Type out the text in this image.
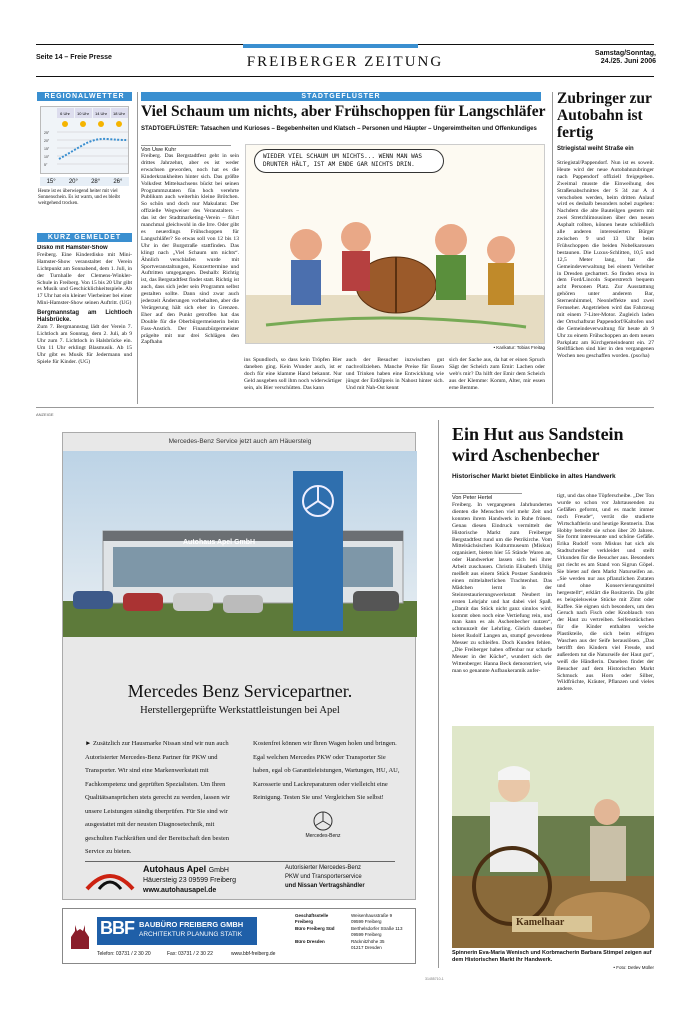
Seite 14 – Freie Presse	FREIBERGER ZEITUNG
Samstag/Sonntag,
24./25. Juni 2006
REGIONALWETTER
6 Uhr 10 Uhr 14 Uhr 18 Uhr
25°
20°
15°
10°
5°
15° 20° 28° 26°
Heute ist es überwiegend heiter mit viel Sonnenschein. Es ist warm, und es bleibt weitgehend trocken.
KURZ GEMELDET
Disko mit Hamster-Show
Freiberg. Eine Kinderdisko mit Mini-Hamster-Show veranstaltet der Verein Lichtpunkt am Sonnabend, dem 1. Juli, in der Turnhalle der Clemens-Winkler-Schule in Freiberg. Von 15 bis 20 Uhr gibt es Musik und Geschicklichkeitsspiele. Ab 17 Uhr hat ein kleiner Vierbeiner bei einer Mini-Hamster-Show seinen Auftritt. (UG)
Bergmannstag am Lichtloch Halsbrücke.
Zum 7. Bergmannstag lädt der Verein 7. Lichtloch am Sonntag, dem 2. Juli, ab 9 Uhr zum 7. Lichtloch in Halsbrücke ein. Um 11 Uhr erklingt Blasmusik. Ab 15 Uhr gibt es Musik für Jedermann und Spiele für Kinder. (UG)
STADTGEFLÜSTER
Viel Schaum um nichts, aber Frühschoppen für Langschläfer
STADTGEFLÜSTER: Tatsachen und Kurioses – Begebenheiten und Klatsch – Personen und Häupter – Ungereimtheiten und Offenkundiges
Von Uwe Kuhr
Freiberg. Das Bergstadtfest geht in sein drittes Jahrzehnt, aber es ist weder erwachsen geworden, noch hat es die Kinderkrankheiten hinter sich. Das größte Volksfest Mittelsachsens bückt bei seinen Programmzutaten fün hoch verehrte Publikum auch weiterhin kleine Brötchen. So schön und doch nur Makulatur. Der offizielle Wegweiser des Veranstalters – das ist der Stadtmarketing-Verein – führt manchmal gleichwohl in die Irre. Oder gibt es neuerdings Frühschoppen für Langschläfer? So etwas soll von 12 bis 13 Uhr in der Burgstraße stattfinden. Das klingt nach „Viel Schaum um nichts“. Ähnlich verschlafen wurde mit Sportveranstaltungen, Konzerttermine und Auftritten umgegangen. Deshalb: Richtig ist, das Bergstadtfest findet statt. Richtig ist auch, dass sich jeder sein Programm selbst gestalten sollte. Dann sind zwar auch jederzeit Änderungen vorbehalten, aber die Verärgerung hält sich eher in Grenzen. Eher auf den Punkt getroffen hat das Double für die Oberbürgermeisterin beim Fass-Anstich. Der Finanzbürgermeister prägelte mit nur drei Schlägen den Zapfhahn
ins Spundloch, so dass kein Tröpfen Bier daneben ging. Kein Wunder auch, ist er doch für eine klamme Hand bekannt. Nur Geld ausgeben soll ihm noch widerwärtiger sein, als Bier verschütten. Das kann
auch der Besucher inzwischen gut nachvollziehen. Manche Preise für Essen und Trinken haben eine Entwicklung wie jüngst der Erdölpreis in Nahost hinter sich. Und mit Nah-Ost kennt
sich der Sache aus, da hat er einen Spruch Sägt der Scheich zum Emir: Lachen oder web's mir? Da hilft der Emir dem Scheich aus der Klemme: Komm, Alter, mir essen erne Bemme.
WIEDER VIEL SCHAUM UM NICHTS... WENN MAN WAS DRUNTER HÄLT, IST AM ENDE GAR NICHTS DRIN.
• Karikatur: Tobias Freitag
Zubringer zur Autobahn ist fertig
Striegistal weiht Straße ein
Striegistal/Pappendorf. Nun ist es soweit. Heute wird der neue Autobahnzubringer nach Pappendorf offiziell freigegeben. Zweimal musste die Einweihung des Straßenabschnittes der S 34 zur A 4 verschoben werden, beim dritten Anlauf wird es deshalb besonders nobel zugehen: Nachdem die alte Bauteilgen gestern mit zwei Stretchlimousinen über den neuen Asphalt rollten, können heute schließlich alle anderen interessierten Bürger zwischen 9 und 13 Uhr beim Frühschoppen die beiden Nobelkarossen bestaunen. Die Luxus-Schlitten, 10,5 und 12,5 Meter lang, hat die Gemeindeverwaltung bei einem Verleiher in Dresden gechartert. So finden etwa in dem Ford/Lincoln Superstretch bequem acht Personen Platz. Zur Ausstattung gehören unter anderem Bar, Sternenhimmel, Neonleffekte und zwei Fernseher. Angetrieben wird das Fahrzeug mit einem 7-Liter-Motor. Zugleich laden der Ortschaftsrat Pappendorf/Kaltofen und die Gemeindeverwaltung für heute ab 9 Uhr zu einem Frühschoppen an dem neuen Parkplatz am Kirchgemeindeamt ein. 27 Stellflächen sind hier in den vergangenen Wochen neu geschaffen worden. (pso/ha)
ANZEIGE
Mercedes-Benz Service jetzt auch am Häuersteig
Autohaus Apel GmbH
Mercedes Benz Servicepartner.
Herstellergeprüfte Werkstattleistungen bei Apel
► Zusätzlich zur Hausmarke Nissan sind wir nun auch Autorisierter Mercedes-Benz Partner für PKW und Transporter. Wir sind eine Markenwerkstatt mit Fachkompetenz und geprüften Spezialisten. Um Ihren Qualitätsansprüchen stets gerecht zu werden, lassen wir unsere Leistungen ständig überprüfen. Für Sie sind wir ausgestattet mit der neusten Diagnosetechnik, mit geschulten Fachkräften und der Bereitschaft den besten Service zu bieten.
Kostenfrei können wir Ihren Wagen holen und bringen. Egal welchen Mercedes PKW oder Transporter Sie haben, egal ob Garantieleistungen, Wartungen, HU, AU, Karosserie und Lackreparaturen oder vielleicht eine Reinigung. Testen Sie uns! Vergleichen Sie selbst!
Mercedes-Benz
Autohaus Apel GmbH
Häuersteig 23 09599 Freiberg
www.autohausapel.de
Autorisierter Mercedes-Benz
PKW und Transporterservice
und Nissan Vertragshändler
BBF BAUBÜRO FREIBERG GMBH
ARCHITEKTUR PLANUNG STATIK
Telefon: 03731 / 2 30 20	Fax: 03731 / 2 30 22	www.bbf-freiberg.de
Geschäftsstelle Freiberg
Weisenhausstraße 9
09599 Freiberg
Büro Freiberg Süd	Berthelsdorfer Straße 113
09599 Freiberg
Büro Dresden	Räcknitzhöhe 35
01217 Dresden
Ein Hut aus Sandstein wird Aschenbecher
Historischer Markt bietet Einblicke in altes Handwerk
Von Peter Hertel
Freiberg. In vergangenen Jahrhunderten dienten die Menschen viel mehr Zeit und konnten ihrem Handwerk in Ruhe frönen. Genau diesen Eindruck vermittelt der Historische Markt zum Freiberger Bergstadtfest rund um die Petrikirche. Vom Mittelsächsischen Kulturmuseum (Miskus) organisiert, bieten hier 55 Stände Waren an, oder Handwerker lassen sich bei ihrer Arbeit zuschauen. Christin Elisabeth Uhlig meißelt aus einem Stück Postaer Sandstein einen mittelalterlichen Trachtenhut. Das Mädchen lernt in der Steinrestaurierungswerkstatt Neubert im ersten Lehrjahr und hat dabei viel Spaß. „Damit das Stück nicht ganz sinnlos wird, kommt oben noch eine Vertiefung rein, und man kann es als Aschenbecher nutzen“, schmunzelt der Lehrling. Gleich daneben bietet Rudolf Langen an, stumpf gewordene Messer zu schleifen. Doch Kunden fehlen. „Die Freiberger haben offenbar nur scharfe Messer in der Küche“, wundert sich der Wittenberger. Hanna Beck demonstriert, wie man so genannte Aufbaukeramik anfer-
tigt, und das ohne Töpferscheibe. „Der Ton wurde so schon vor Jahrtausenden zu Gefäßen geformt, und es macht immer noch Freude“, verrät die studierte Wirtschaftlerin und heutige Rentnerin. Das Hobby betreibt sie schon über 20 Jahren. Sie formt interessante und schöne Gefäße. Erika Rudolf vom Miskus hat sich als Stadtschreiber verkleidet und stellt Urkunden für die Besucher aus. Besonders gut riecht es am Stand von Sigrun Göpel. Sie bietet auf dem Markt Naturseifen an. „Sie werden nur aus pflanzlichen Zutaten und ohne Konservierungsmittel hergestellt“, erklärt die Rositzerin. Da gibt es beispielsweise Stücke mit Zimt oder Kaffee. Sie eignen sich besonders, um den Geruch nach Fisch oder Knoblauch von der Haut zu vertreiben. Seifenstückchen für die Kinder enthalten weiche Plastikteile, die sich beim eifrigen Waschen aus der Seife herauslösen. „Das betrifft den Kindern viel Freude, und außerdem tut die Naturseife der Haut gut“, weiß die Händlerin. Daneben findet der Besucher auf dem Historischen Markt Schmuck aus Horn oder Silber, Wildfrüchte, Kräuter, Pflanzen und vieles andere.
Kamelhaar
Spinnerin Eva-Maria Wenisch und Korbmacherin Barbara Stimpel zeigen auf dem Historischen Markt ihr Handwerk.
• Foto: Detlev Müller
31455710-1
